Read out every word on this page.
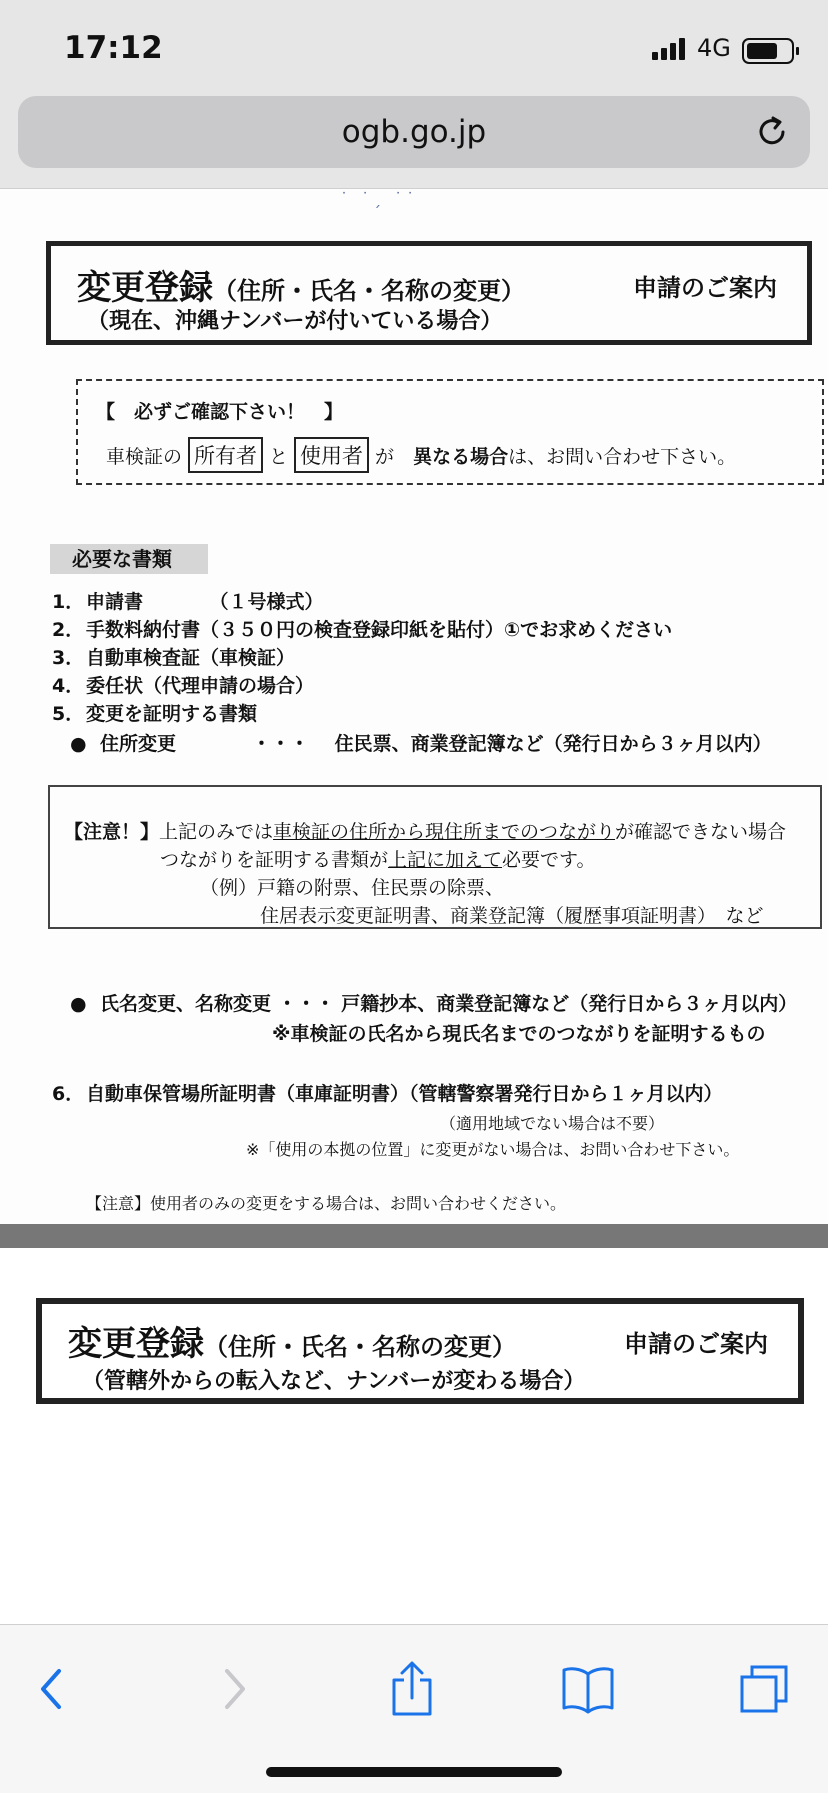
17:12	4G
ogb.go.jp
˙ ˙ˏ ˙˙
変更登録（住所・氏名・名称の変更）	申請のご案内
（現在、沖縄ナンバーが付いている場合）
【　必ずご確認下さい！　】
車検証の 所有者 と 使用者 が　 異なる場合は、お問い合わせ下さい。
必要な書類
1．申請書　　　　（１号様式）
2．手数料納付書（３５０円の検査登録印紙を貼付）①でお求めください
3．自動車検査証（車検証）
4．委任状（代理申請の場合）
5．変更を証明する書類
● 住所変更　　　　・・・　 住民票、商業登記簿など（発行日から３ヶ月以内）
【注意！】上記のみでは車検証の住所から現住所までのつながりが確認できない場合
つながりを証明する書類が上記に加えて必要です。
（例）戸籍の附票、住民票の除票、
住居表示変更証明書、商業登記簿（履歴事項証明書）　など
● 氏名変更、名称変更 ・・・ 戸籍抄本、商業登記簿など（発行日から３ヶ月以内）
※車検証の氏名から現氏名までのつながりを証明するもの
6．自動車保管場所証明書（車庫証明書）（管轄警察署発行日から１ヶ月以内）
（適用地域でない場合は不要）
※「使用の本拠の位置」に変更がない場合は、お問い合わせ下さい。
【注意】使用者のみの変更をする場合は、お問い合わせください。
変更登録（住所・氏名・名称の変更）	申請のご案内
（管轄外からの転入など、ナンバーが変わる場合）
